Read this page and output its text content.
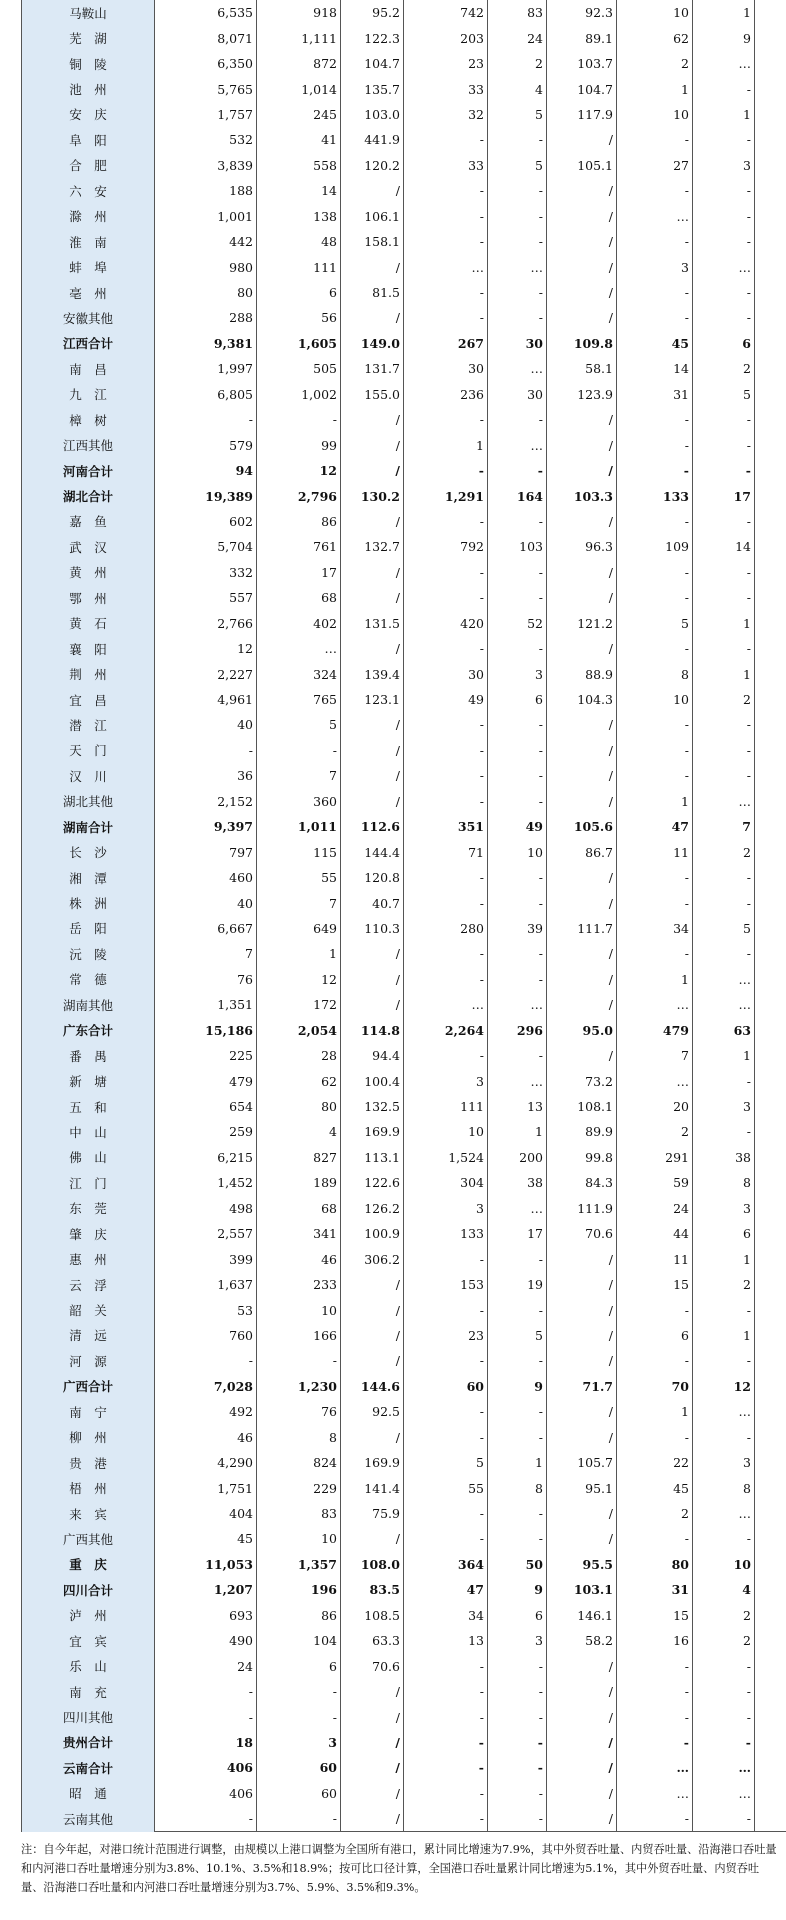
马鞍山	6,535	918	95.2	742	83	92.3	10	1
芜　湖	8,071	1,111	122.3	203	24	89.1	62	9
铜　陵	6,350	872	104.7	23	2	103.7	2	…
池　州	5,765	1,014	135.7	33	4	104.7	1	-
安　庆	1,757	245	103.0	32	5	117.9	10	1
阜　阳	532	41	441.9	-	-	/	-	-
合　肥	3,839	558	120.2	33	5	105.1	27	3
六　安	188	14	/	-	-	/	-	-
滁　州	1,001	138	106.1	-	-	/	…	-
淮　南	442	48	158.1	-	-	/	-	-
蚌　埠	980	111	/	…	…	/	3	…
亳　州	80	6	81.5	-	-	/	-	-
安徽其他	288	56	/	-	-	/	-	-
江西合计	9,381	1,605	149.0	267	30	109.8	45	6
南　昌	1,997	505	131.7	30	…	58.1	14	2
九　江	6,805	1,002	155.0	236	30	123.9	31	5
樟　树	-	-	/	-	-	/	-	-
江西其他	579	99	/	1	…	/	-	-
河南合计	94	12	/	-	-	/	-	-
湖北合计	19,389	2,796	130.2	1,291	164	103.3	133	17
嘉　鱼	602	86	/	-	-	/	-	-
武　汉	5,704	761	132.7	792	103	96.3	109	14
黄　州	332	17	/	-	-	/	-	-
鄂　州	557	68	/	-	-	/	-	-
黄　石	2,766	402	131.5	420	52	121.2	5	1
襄　阳	12	…	/	-	-	/	-	-
荆　州	2,227	324	139.4	30	3	88.9	8	1
宜　昌	4,961	765	123.1	49	6	104.3	10	2
潜　江	40	5	/	-	-	/	-	-
天　门	-	-	/	-	-	/	-	-
汉　川	36	7	/	-	-	/	-	-
湖北其他	2,152	360	/	-	-	/	1	…
湖南合计	9,397	1,011	112.6	351	49	105.6	47	7
长　沙	797	115	144.4	71	10	86.7	11	2
湘　潭	460	55	120.8	-	-	/	-	-
株　洲	40	7	40.7	-	-	/	-	-
岳　阳	6,667	649	110.3	280	39	111.7	34	5
沅　陵	7	1	/	-	-	/	-	-
常　德	76	12	/	-	-	/	1	…
湖南其他	1,351	172	/	…	…	/	…	…
广东合计	15,186	2,054	114.8	2,264	296	95.0	479	63
番　禺	225	28	94.4	-	-	/	7	1
新　塘	479	62	100.4	3	…	73.2	…	-
五　和	654	80	132.5	111	13	108.1	20	3
中　山	259	4	169.9	10	1	89.9	2	-
佛　山	6,215	827	113.1	1,524	200	99.8	291	38
江　门	1,452	189	122.6	304	38	84.3	59	8
东　莞	498	68	126.2	3	…	111.9	24	3
肇　庆	2,557	341	100.9	133	17	70.6	44	6
惠　州	399	46	306.2	-	-	/	11	1
云　浮	1,637	233	/	153	19	/	15	2
韶　关	53	10	/	-	-	/	-	-
清　远	760	166	/	23	5	/	6	1
河　源	-	-	/	-	-	/	-	-
广西合计	7,028	1,230	144.6	60	9	71.7	70	12
南　宁	492	76	92.5	-	-	/	1	…
柳　州	46	8	/	-	-	/	-	-
贵　港	4,290	824	169.9	5	1	105.7	22	3
梧　州	1,751	229	141.4	55	8	95.1	45	8
来　宾	404	83	75.9	-	-	/	2	…
广西其他	45	10	/	-	-	/	-	-
重　庆	11,053	1,357	108.0	364	50	95.5	80	10
四川合计	1,207	196	83.5	47	9	103.1	31	4
泸　州	693	86	108.5	34	6	146.1	15	2
宜　宾	490	104	63.3	13	3	58.2	16	2
乐　山	24	6	70.6	-	-	/	-	-
南　充	-	-	/	-	-	/	-	-
四川其他	-	-	/	-	-	/	-	-
贵州合计	18	3	/	-	-	/	-	-
云南合计	406	60	/	-	-	/	…	…
昭　通	406	60	/	-	-	/	…	…
云南其他	-	-	/	-	-	/	-	-
注：自今年起，对港口统计范围进行调整，由规模以上港口调整为全国所有港口，累计同比增速为7.9%，其中外贸吞吐量、内贸吞吐量、沿海港口吞吐量和内河港口吞吐量增速分别为3.8%、10.1%、3.5%和18.9%；按可比口径计算，全国港口吞吐量累计同比增速为5.1%，其中外贸吞吐量、内贸吞吐量、沿海港口吞吐量和内河港口吞吐量增速分别为3.7%、5.9%、3.5%和9.3%。
